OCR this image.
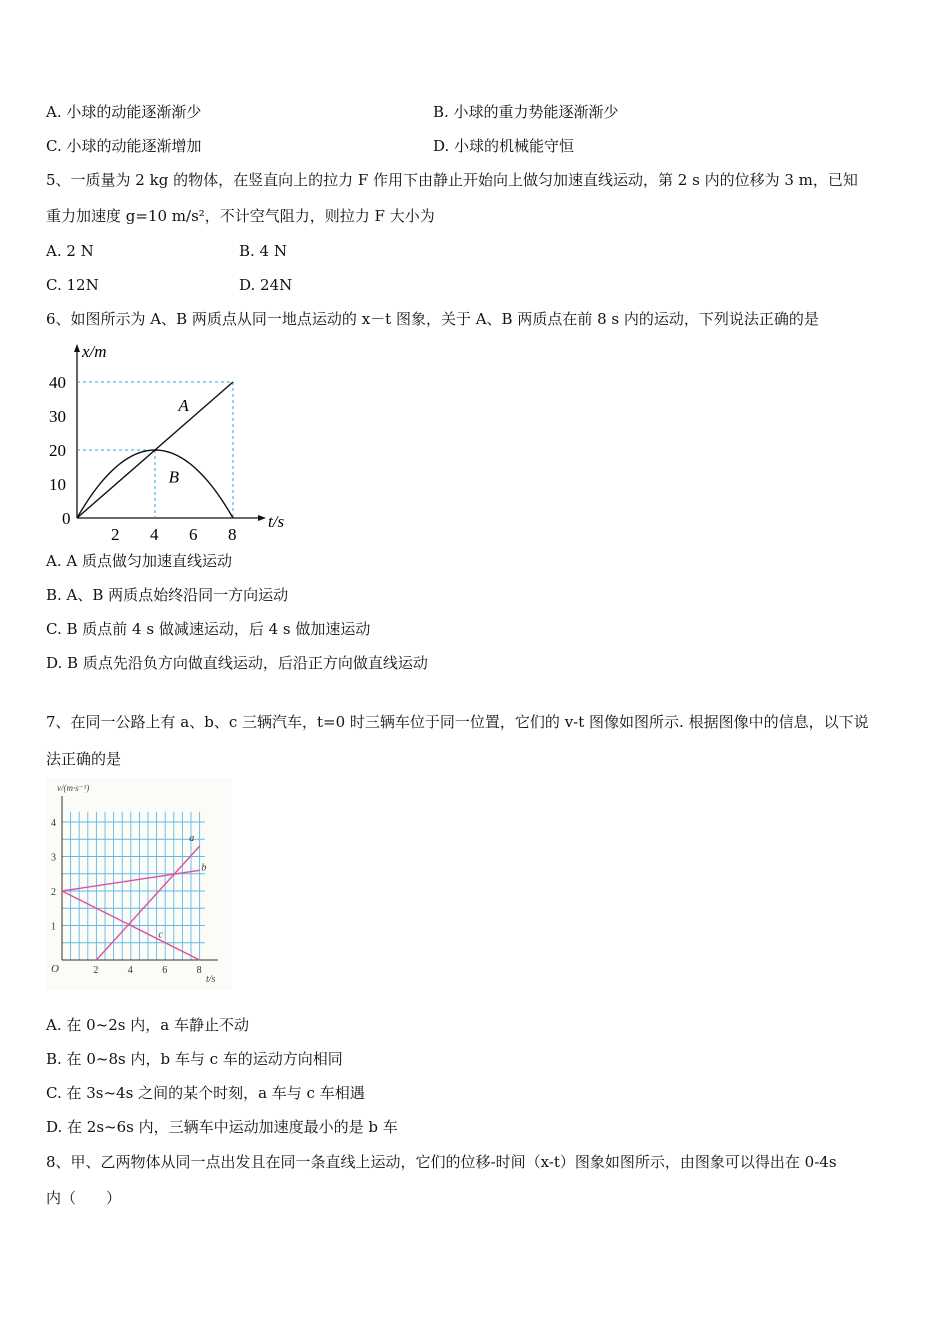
A. 小球的动能逐渐渐少	B. 小球的重力势能逐渐渐少
C. 小球的动能逐渐增加	D. 小球的机械能守恒
5、一质量为 2 kg 的物体，在竖直向上的拉力 F 作用下由静止开始向上做匀加速直线运动，第 2 s 内的位移为 3 m，已知
重力加速度 g=10 m/s²，不计空气阻力，则拉力 F 大小为
A. 2 N	B. 4 N
C. 12N	D. 24N
6、如图所示为 A、B 两质点从同一地点运动的 x－t 图象，关于 A、B 两质点在前 8 s 内的运动，下列说法正确的是
x/m
t/s
0
2 4 6 8
10
20
30
40
A
B
A. A 质点做匀加速直线运动
B. A、B 两质点始终沿同一方向运动
C. B 质点前 4 s 做减速运动，后 4 s 做加速运动
D. B 质点先沿负方向做直线运动，后沿正方向做直线运动
7、在同一公路上有 a、b、c 三辆汽车，t=0 时三辆车位于同一位置，它们的 v-t 图像如图所示. 根据图像中的信息，以下说
法正确的是
v/(m·s⁻¹)
t/s
O	2	4	6	8
1
2
3
4
a
b
c
A. 在 0~2s 内，a 车静止不动
B. 在 0~8s 内，b 车与 c 车的运动方向相同
C. 在 3s~4s 之间的某个时刻，a 车与 c 车相遇
D. 在 2s~6s 内，三辆车中运动加速度最小的是 b 车
8、甲、乙两物体从同一点出发且在同一条直线上运动，它们的位移-时间（x-t）图象如图所示，由图象可以得出在 0-4s
内（　　）
